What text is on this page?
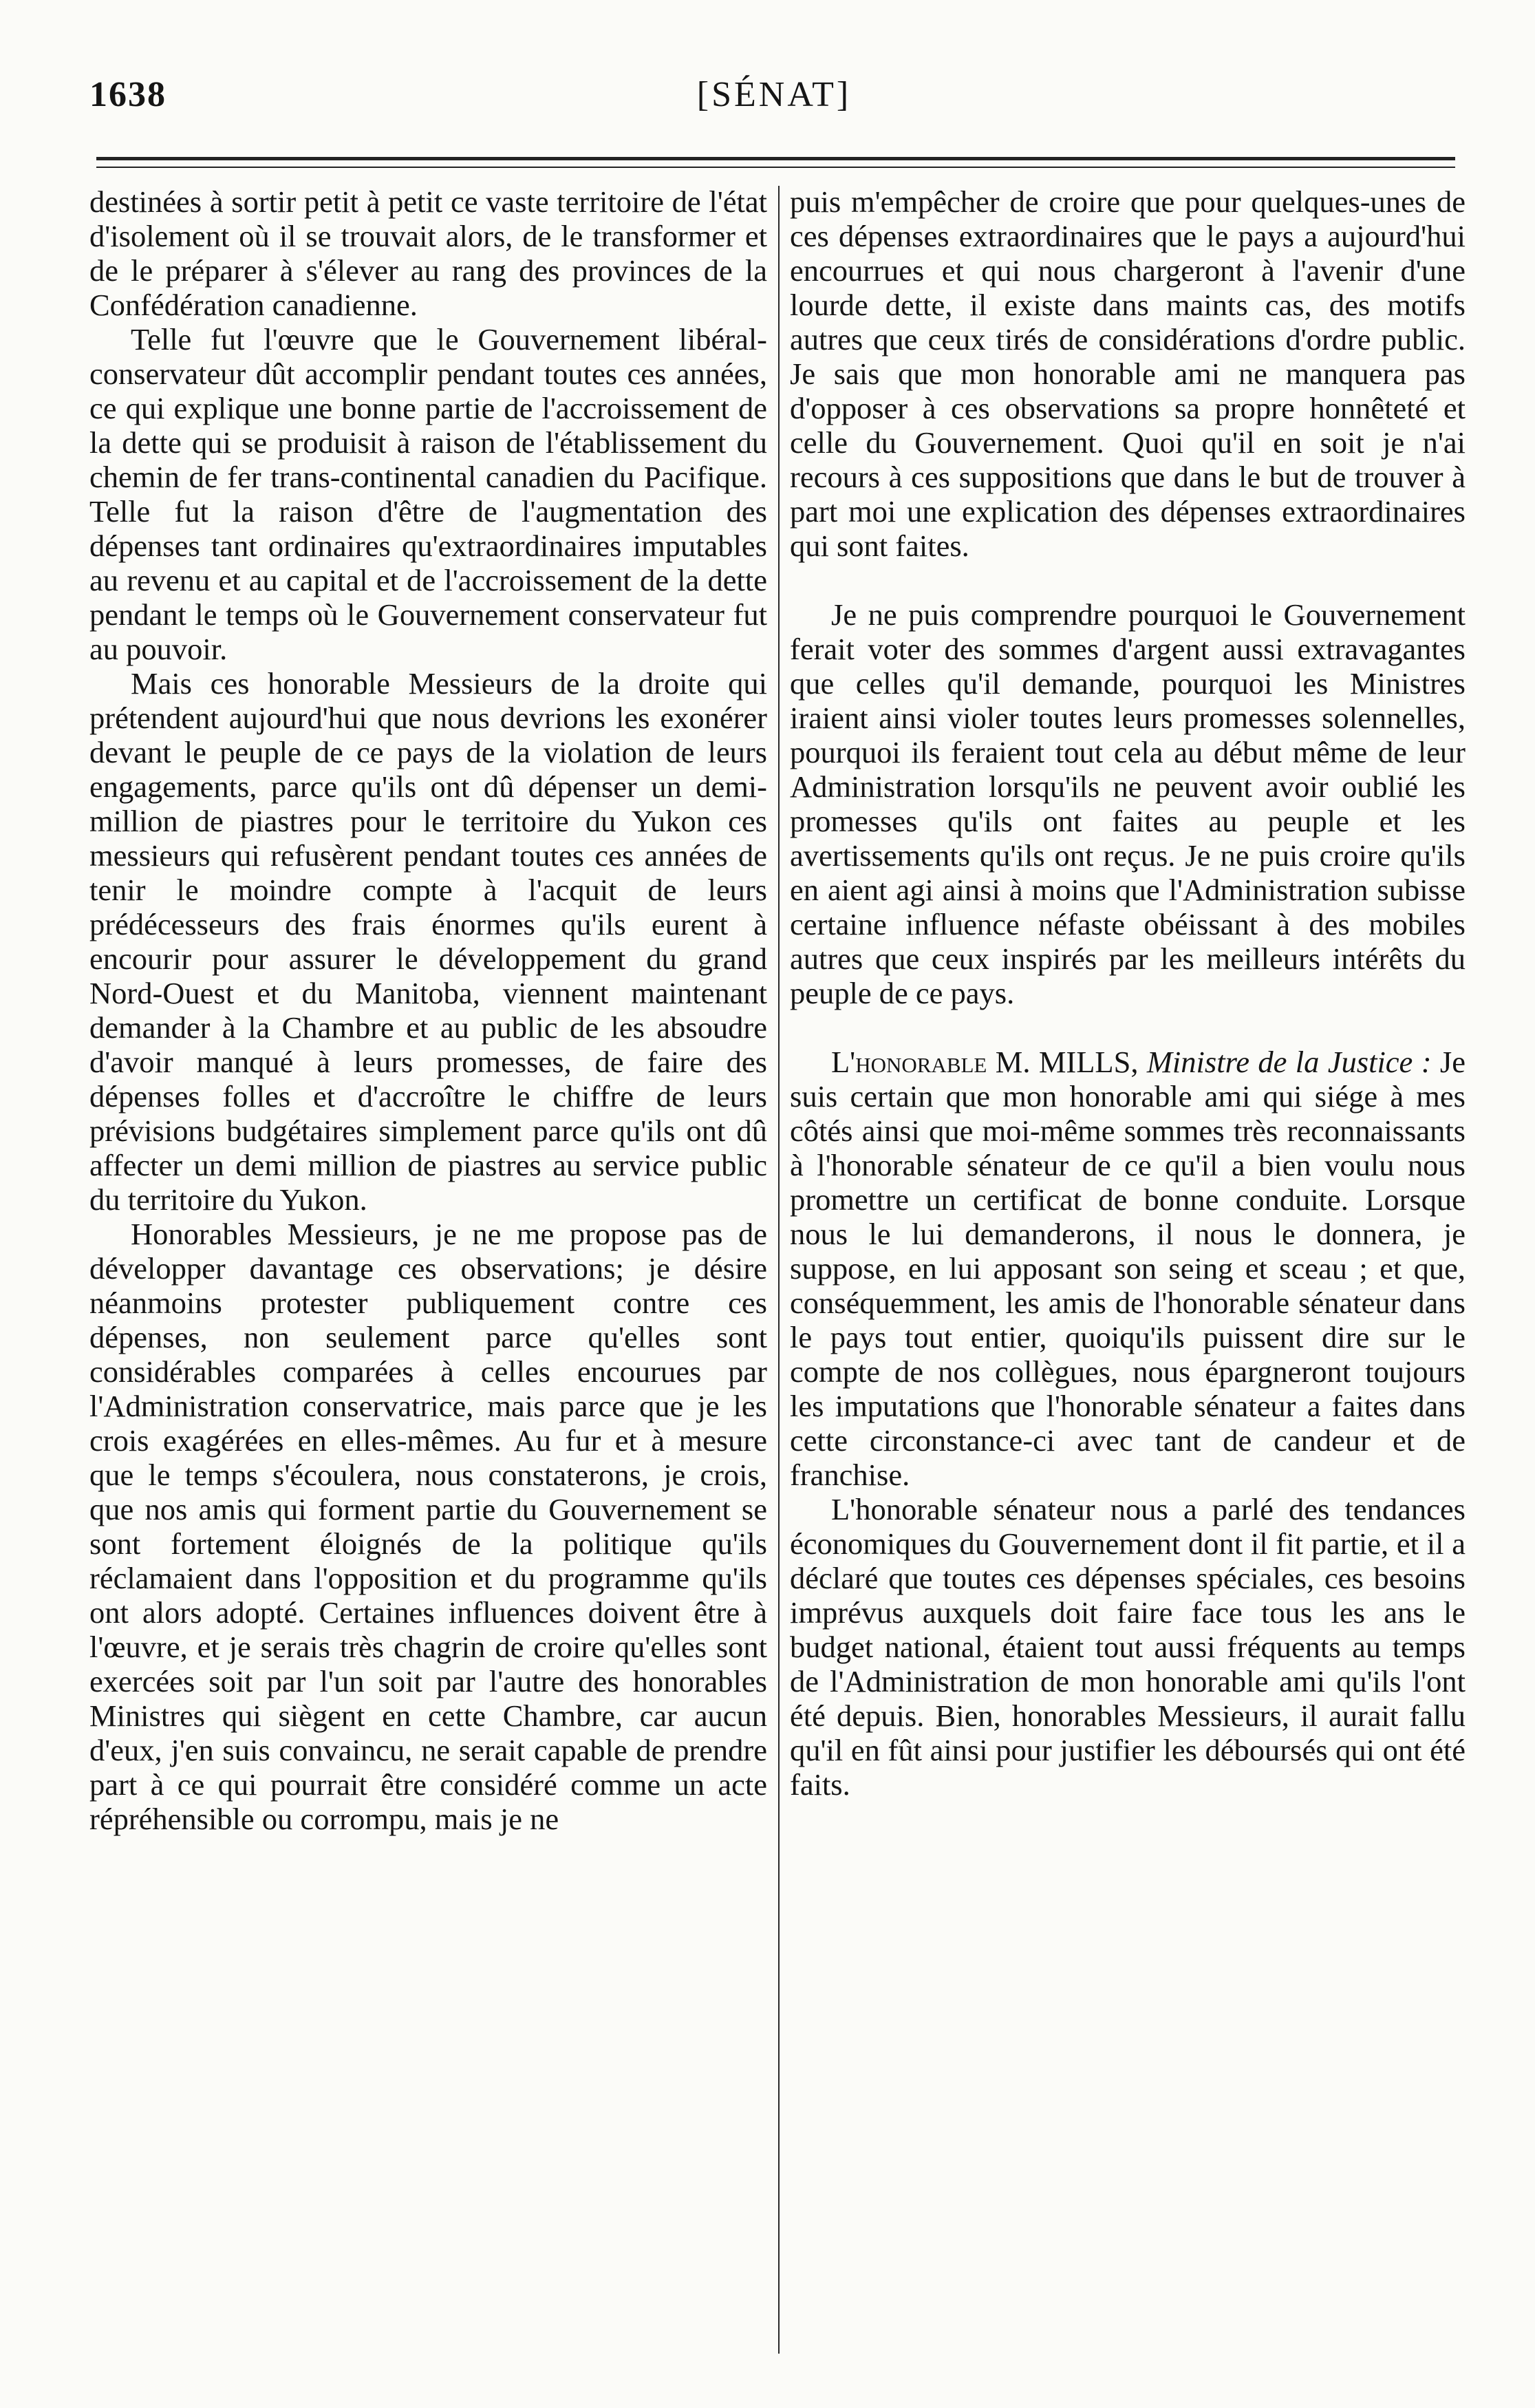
1638	[SÉNAT]

destinées à sortir petit à petit ce vaste territoire de l'état d'isolement où il se trouvait alors, de le transformer et de le préparer à s'élever au rang des provinces de la Confédération canadienne.

Telle fut l'œuvre que le Gouvernement libéral-conservateur dût accomplir pendant toutes ces années, ce qui explique une bonne partie de l'accroissement de la dette qui se produisit à raison de l'établissement du chemin de fer trans-continental canadien du Pacifique. Telle fut la raison d'être de l'augmentation des dépenses tant ordinaires qu'extraordinaires imputables au revenu et au capital et de l'accroissement de la dette pendant le temps où le Gouvernement conservateur fut au pouvoir.

Mais ces honorable Messieurs de la droite qui prétendent aujourd'hui que nous devrions les exonérer devant le peuple de ce pays de la violation de leurs engagements, parce qu'ils ont dû dépenser un demi-million de piastres pour le territoire du Yukon ces messieurs qui refusèrent pendant toutes ces années de tenir le moindre compte à l'acquit de leurs prédécesseurs des frais énormes qu'ils eurent à encourir pour assurer le développement du grand Nord-Ouest et du Manitoba, viennent maintenant demander à la Chambre et au public de les absoudre d'avoir manqué à leurs promesses, de faire des dépenses folles et d'accroître le chiffre de leurs prévisions budgétaires simplement parce qu'ils ont dû affecter un demi million de piastres au service public du territoire du Yukon.

Honorables Messieurs, je ne me propose pas de développer davantage ces observations; je désire néanmoins protester publiquement contre ces dépenses, non seulement parce qu'elles sont considérables comparées à celles encourues par l'Administration conservatrice, mais parce que je les crois exagérées en elles-mêmes. Au fur et à mesure que le temps s'écoulera, nous constaterons, je crois, que nos amis qui forment partie du Gouvernement se sont fortement éloignés de la politique qu'ils réclamaient dans l'opposition et du programme qu'ils ont alors adopté. Certaines influences doivent être à l'œuvre, et je serais très chagrin de croire qu'elles sont exercées soit par l'un soit par l'autre des honorables Ministres qui siègent en cette Chambre, car aucun d'eux, j'en suis convaincu, ne serait capable de prendre part à ce qui pourrait être considéré comme un acte répréhensible ou corrompu, mais je ne

puis m'empêcher de croire que pour quelques-unes de ces dépenses extraordinaires que le pays a aujourd'hui encourrues et qui nous chargeront à l'avenir d'une lourde dette, il existe dans maints cas, des motifs autres que ceux tirés de considérations d'ordre public. Je sais que mon honorable ami ne manquera pas d'opposer à ces observations sa propre honnêteté et celle du Gouvernement. Quoi qu'il en soit je n'ai recours à ces suppositions que dans le but de trouver à part moi une explication des dépenses extraordinaires qui sont faites.

Je ne puis comprendre pourquoi le Gouvernement ferait voter des sommes d'argent aussi extravagantes que celles qu'il demande, pourquoi les Ministres iraient ainsi violer toutes leurs promesses solennelles, pourquoi ils feraient tout cela au début même de leur Administration lorsqu'ils ne peuvent avoir oublié les promesses qu'ils ont faites au peuple et les avertissements qu'ils ont reçus. Je ne puis croire qu'ils en aient agi ainsi à moins que l'Administration subisse certaine influence néfaste obéissant à des mobiles autres que ceux inspirés par les meilleurs intérêts du peuple de ce pays.

L'honorable M. MILLS, Ministre de la Justice : Je suis certain que mon honorable ami qui siége à mes côtés ainsi que moi-même sommes très reconnaissants à l'honorable sénateur de ce qu'il a bien voulu nous promettre un certificat de bonne conduite. Lorsque nous le lui demanderons, il nous le donnera, je suppose, en lui apposant son seing et sceau ; et que, conséquemment, les amis de l'honorable sénateur dans le pays tout entier, quoiqu'ils puissent dire sur le compte de nos collègues, nous épargneront toujours les imputations que l'honorable sénateur a faites dans cette circonstance-ci avec tant de candeur et de franchise.

L'honorable sénateur nous a parlé des tendances économiques du Gouvernement dont il fit partie, et il a déclaré que toutes ces dépenses spéciales, ces besoins imprévus auxquels doit faire face tous les ans le budget national, étaient tout aussi fréquents au temps de l'Administration de mon honorable ami qu'ils l'ont été depuis. Bien, honorables Messieurs, il aurait fallu qu'il en fût ainsi pour justifier les déboursés qui ont été faits.
